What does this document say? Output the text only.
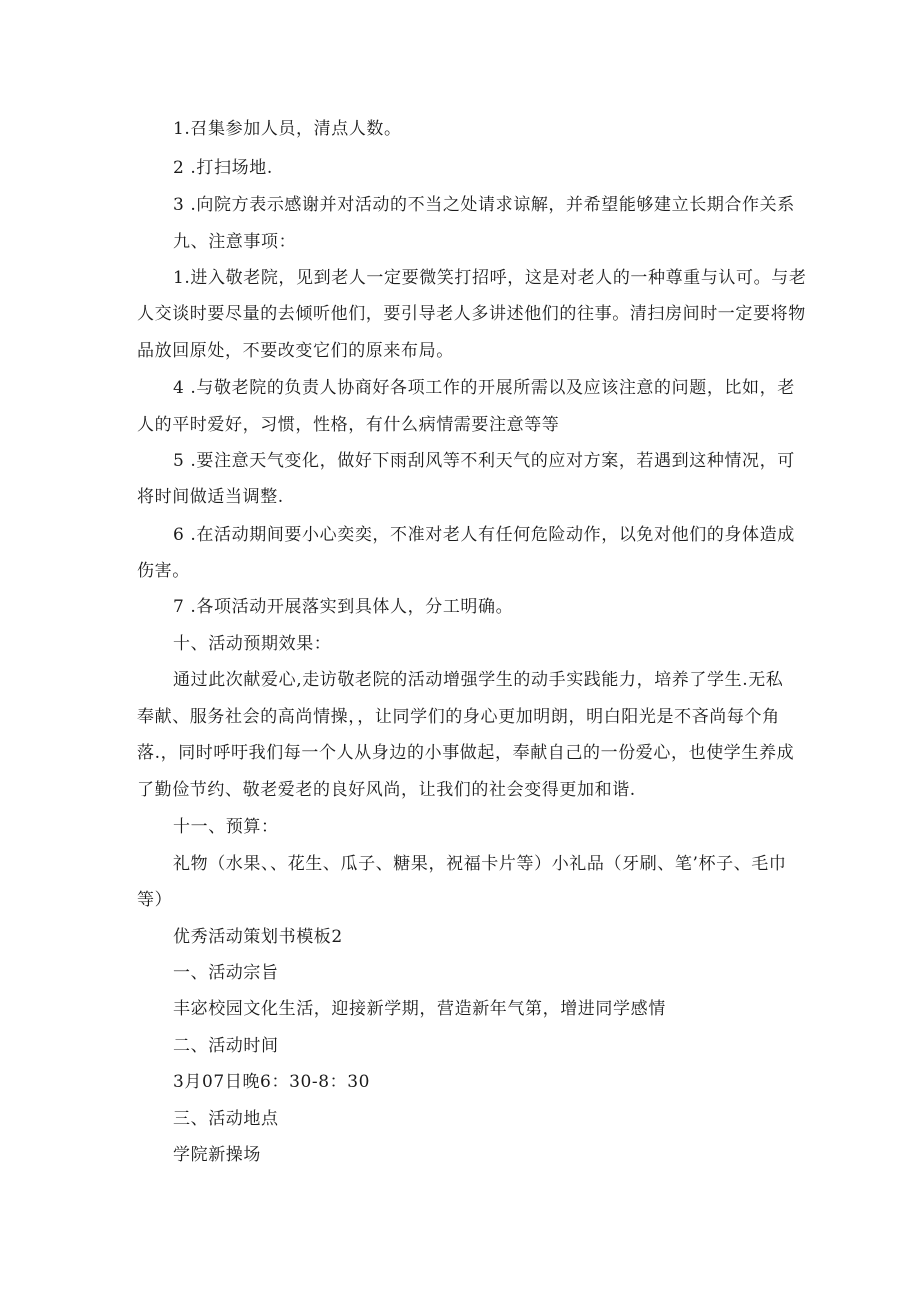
1.召集参加人员，清点人数。
2 .打扫场地.
3 .向院方表示感谢并对活动的不当之处请求谅解，并希望能够建立长期合作关系
九、注意事项：
1.进入敬老院，见到老人一定要微笑打招呼，这是对老人的一种尊重与认可。与老
人交谈时要尽量的去倾听他们，要引导老人多讲述他们的往事。清扫房间时一定要将物
品放回原处，不要改变它们的原来布局。
4 .与敬老院的负责人协商好各项工作的开展所需以及应该注意的问题，比如，老
人的平时爱好，习惯，性格，有什么病情需要注意等等
5 .要注意天气变化，做好下雨刮风等不利天气的应对方案，若遇到这种情况，可
将时间做适当调整.
6 .在活动期间要小心奕奕，不准对老人有任何危险动作，以免对他们的身体造成
伤害。
7 .各项活动开展落实到具体人，分工明确。
十、活动预期效果：
通过此次献爱心,走访敬老院的活动增强学生的动手实践能力，培养了学生.无私
奉献、服务社会的高尚情操，，让同学们的身心更加明朗，明白阳光是不吝尚每个角
落.，同时呼吁我们每一个人从身边的小事做起，奉献自己的一份爱心，也使学生养成
了勤俭节约、敬老爱老的良好风尚，让我们的社会变得更加和谐.
十一、预算：
礼物（水果、、花生、瓜子、糖果，祝福卡片等）小礼品（牙刷、笔’杯子、毛巾
等）
优秀活动策划书模板2
一、活动宗旨
丰宓校园文化生活，迎接新学期，营造新年气第，增进同学感情
二、活动时间
3月07日晚6：30-8：30
三、活动地点
学院新操场
